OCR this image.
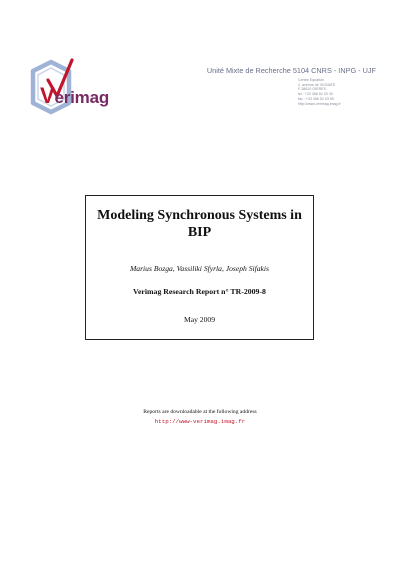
Verimag
Unité Mixte de Recherche 5104 CNRS - INPG - UJF
Centre Equation
2, avenue de VIGNATE
F-38610 GIERES
tel : +33 456 52 03 40
fax : +33 456 52 03 50
http://www-verimag.imag.fr
Modeling Synchronous Systems in
BIP
Marius Bozga, Vassiliki Sfyrla, Joseph Sifakis
Verimag Research Report n° TR-2009-8
May 2009
Reports are downloadable at the following address
http://www-verimag.imag.fr
